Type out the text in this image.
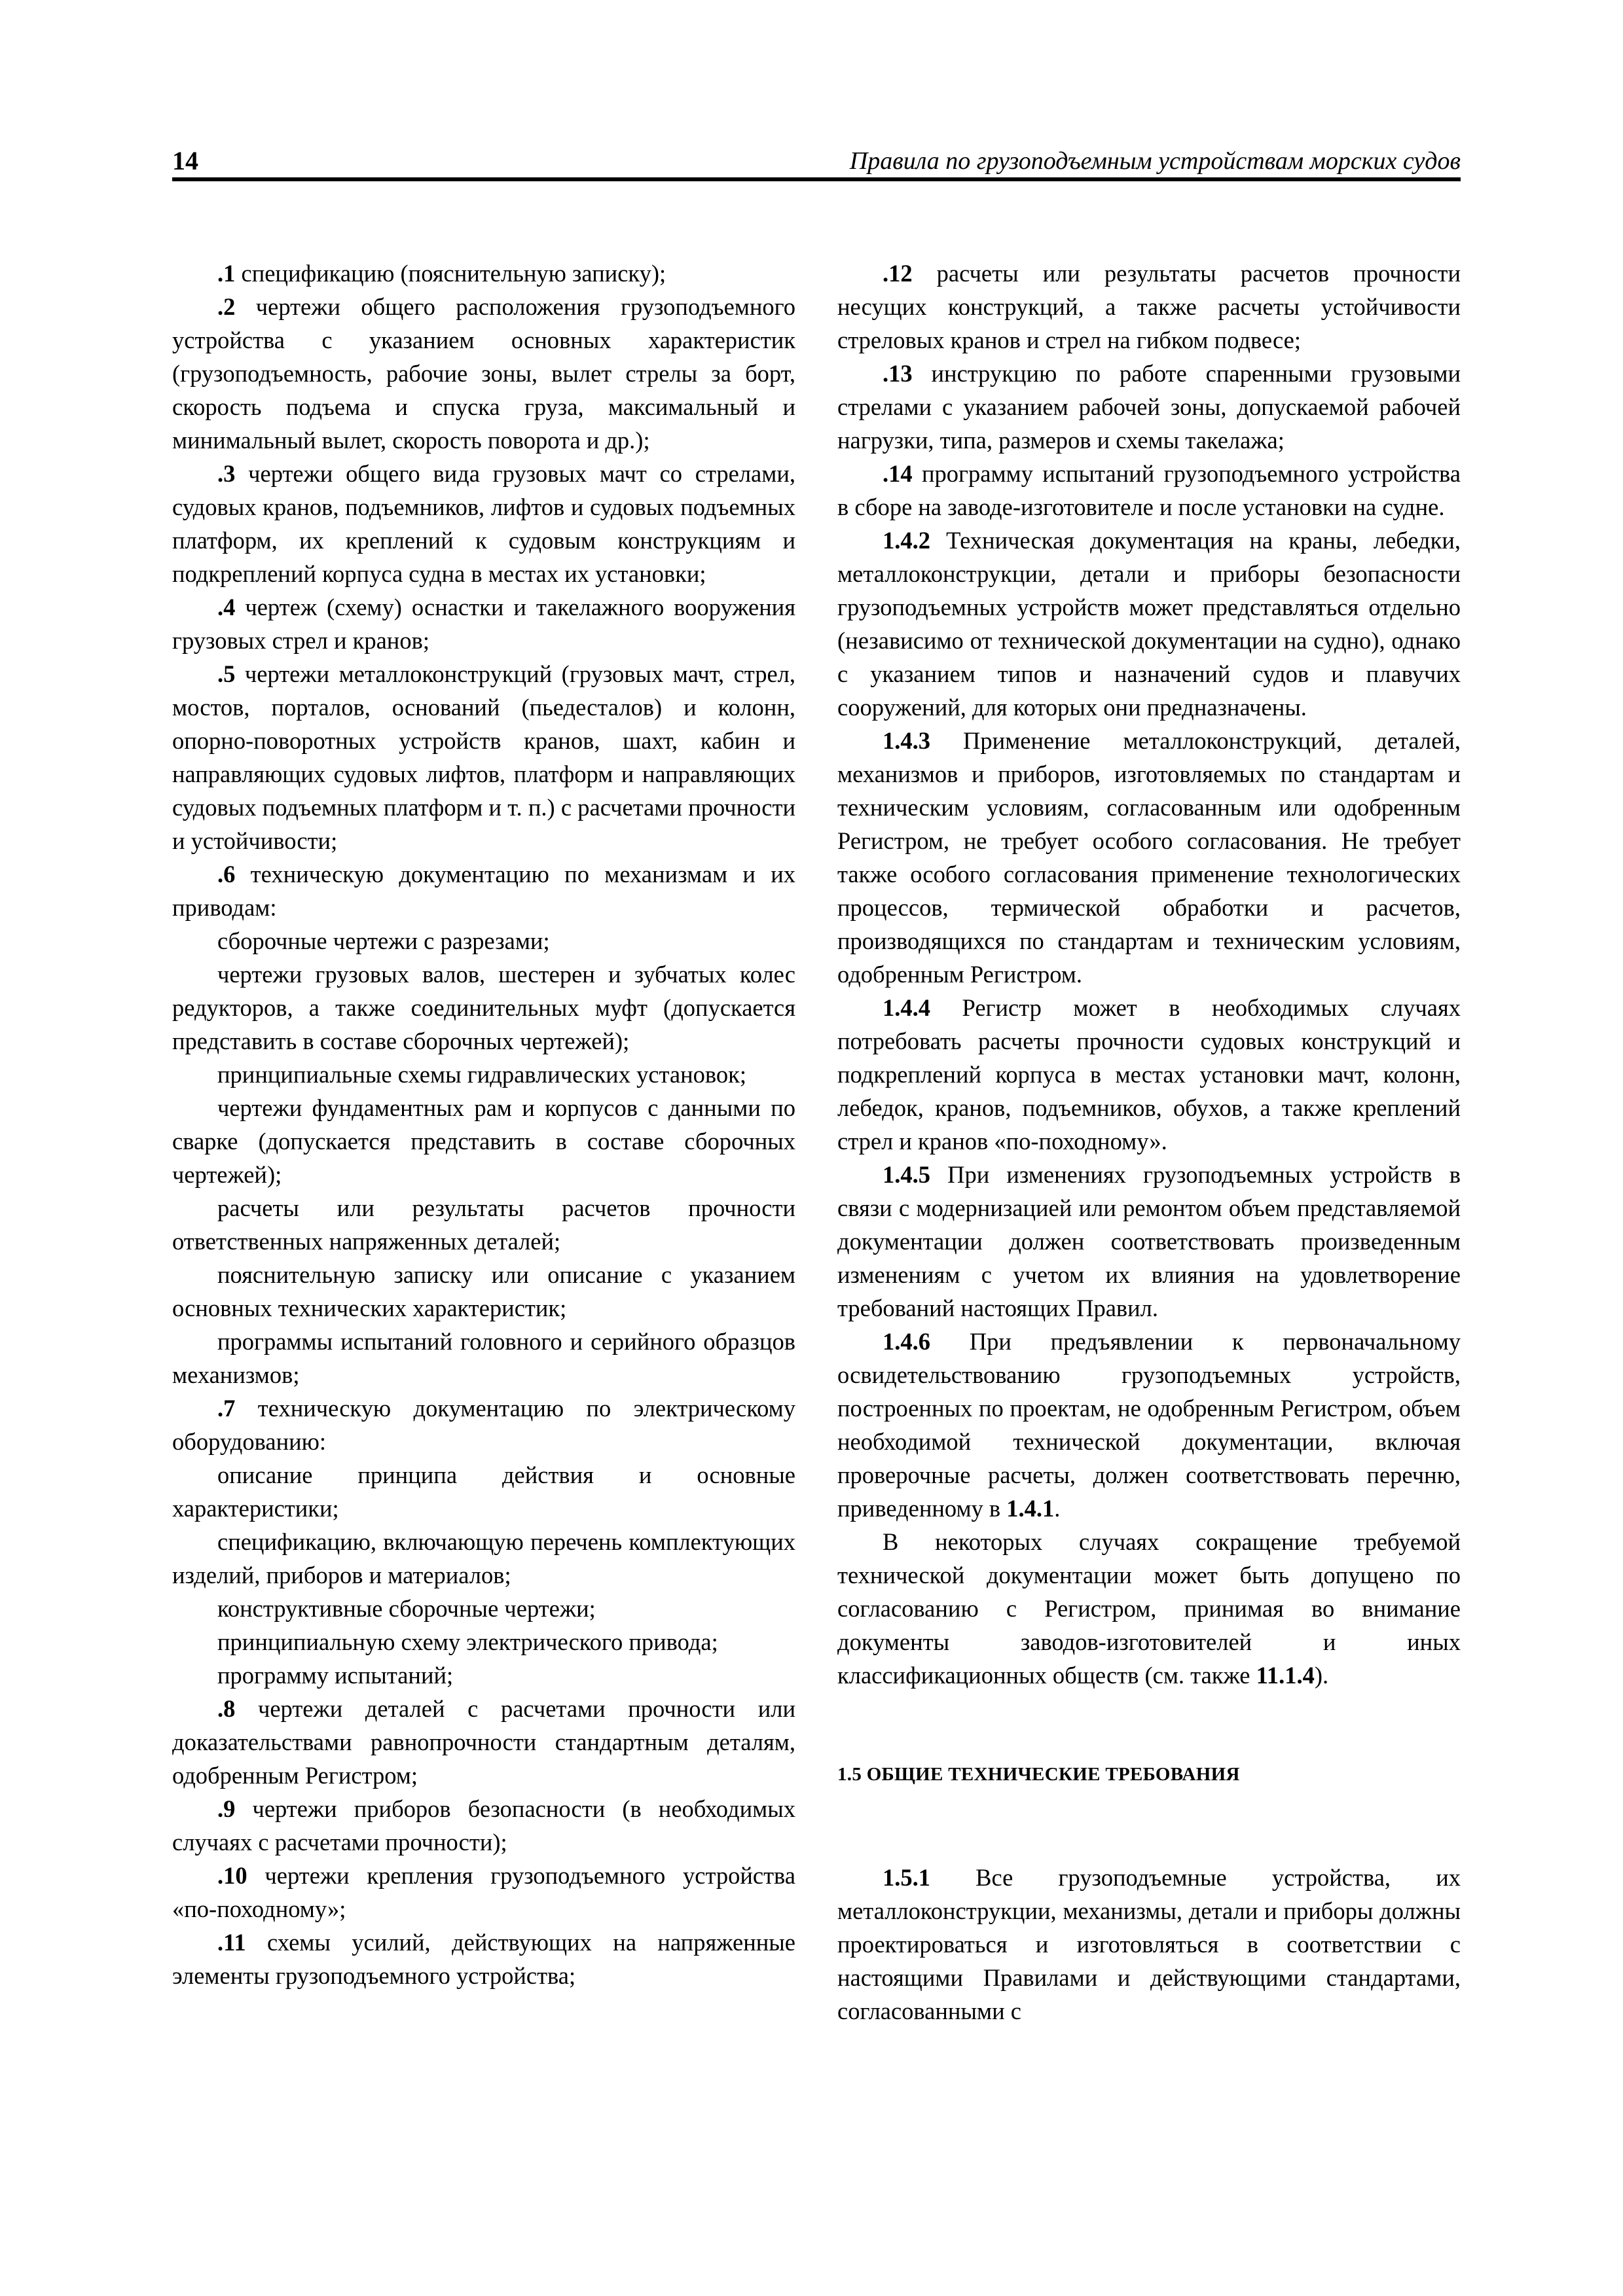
14	Правила по грузоподъемным устройствам морских судов

.1 спецификацию (пояснительную записку);

.2 чертежи общего расположения грузоподъемного устройства с указанием основных характеристик (грузоподъемность, рабочие зоны, вылет стрелы за борт, скорость подъема и спуска груза, максимальный и минимальный вылет, скорость поворота и др.);

.3 чертежи общего вида грузовых мачт со стрелами, судовых кранов, подъемников, лифтов и судовых подъемных платформ, их креплений к судовым конструкциям и подкреплений корпуса судна в местах их установки;

.4 чертеж (схему) оснастки и такелажного вооружения грузовых стрел и кранов;

.5 чертежи металлоконструкций (грузовых мачт, стрел, мостов, порталов, оснований (пьедесталов) и колонн, опорно-поворотных устройств кранов, шахт, кабин и направляющих судовых лифтов, платформ и направляющих судовых подъемных платформ и т. п.) с расчетами прочности и устойчивости;

.6 техническую документацию по механизмам и их приводам:

сборочные чертежи с разрезами;

чертежи грузовых валов, шестерен и зубчатых колес редукторов, а также соединительных муфт (допускается представить в составе сборочных чертежей);

принципиальные схемы гидравлических установок;

чертежи фундаментных рам и корпусов с данными по сварке (допускается представить в составе сборочных чертежей);

расчеты или результаты расчетов прочности ответственных напряженных деталей;

пояснительную записку или описание с указанием основных технических характеристик;

программы испытаний головного и серийного образцов механизмов;

.7 техническую документацию по электрическому оборудованию:

описание принципа действия и основные характеристики;

спецификацию, включающую перечень комплектующих изделий, приборов и материалов;

конструктивные сборочные чертежи;

принципиальную схему электрического привода;

программу испытаний;

.8 чертежи деталей с расчетами прочности или доказательствами равнопрочности стандартным деталям, одобренным Регистром;

.9 чертежи приборов безопасности (в необходимых случаях с расчетами прочности);

.10 чертежи крепления грузоподъемного устройства «по-походному»;

.11 схемы усилий, действующих на напряженные элементы грузоподъемного устройства;

.12 расчеты или результаты расчетов прочности несущих конструкций, а также расчеты устойчивости стреловых кранов и стрел на гибком подвесе;

.13 инструкцию по работе спаренными грузовыми стрелами с указанием рабочей зоны, допускаемой рабочей нагрузки, типа, размеров и схемы такелажа;

.14 программу испытаний грузоподъемного устройства в сборе на заводе-изготовителе и после установки на судне.

1.4.2 Техническая документация на краны, лебедки, металлоконструкции, детали и приборы безопасности грузоподъемных устройств может представляться отдельно (независимо от технической документации на судно), однако с указанием типов и назначений судов и плавучих сооружений, для которых они предназначены.

1.4.3 Применение металлоконструкций, деталей, механизмов и приборов, изготовляемых по стандартам и техническим условиям, согласованным или одобренным Регистром, не требует особого согласования. Не требует также особого согласования применение технологических процессов, термической обработки и расчетов, производящихся по стандартам и техническим условиям, одобренным Регистром.

1.4.4 Регистр может в необходимых случаях потребовать расчеты прочности судовых конструкций и подкреплений корпуса в местах установки мачт, колонн, лебедок, кранов, подъемников, обухов, а также креплений стрел и кранов «по-походному».

1.4.5 При изменениях грузоподъемных устройств в связи с модернизацией или ремонтом объем представляемой документации должен соответствовать произведенным изменениям с учетом их влияния на удовлетворение требований настоящих Правил.

1.4.6 При предъявлении к первоначальному освидетельствованию грузоподъемных устройств, построенных по проектам, не одобренным Регистром, объем необходимой технической документации, включая проверочные расчеты, должен соответствовать перечню, приведенному в 1.4.1.

В некоторых случаях сокращение требуемой технической документации может быть допущено по согласованию с Регистром, принимая во внимание документы заводов-изготовителей и иных классификационных обществ (см. также 11.1.4).

1.5 ОБЩИЕ ТЕХНИЧЕСКИЕ ТРЕБОВАНИЯ

1.5.1 Все грузоподъемные устройства, их металлоконструкции, механизмы, детали и приборы должны проектироваться и изготовляться в соответствии с настоящими Правилами и действующими стандартами, согласованными с
